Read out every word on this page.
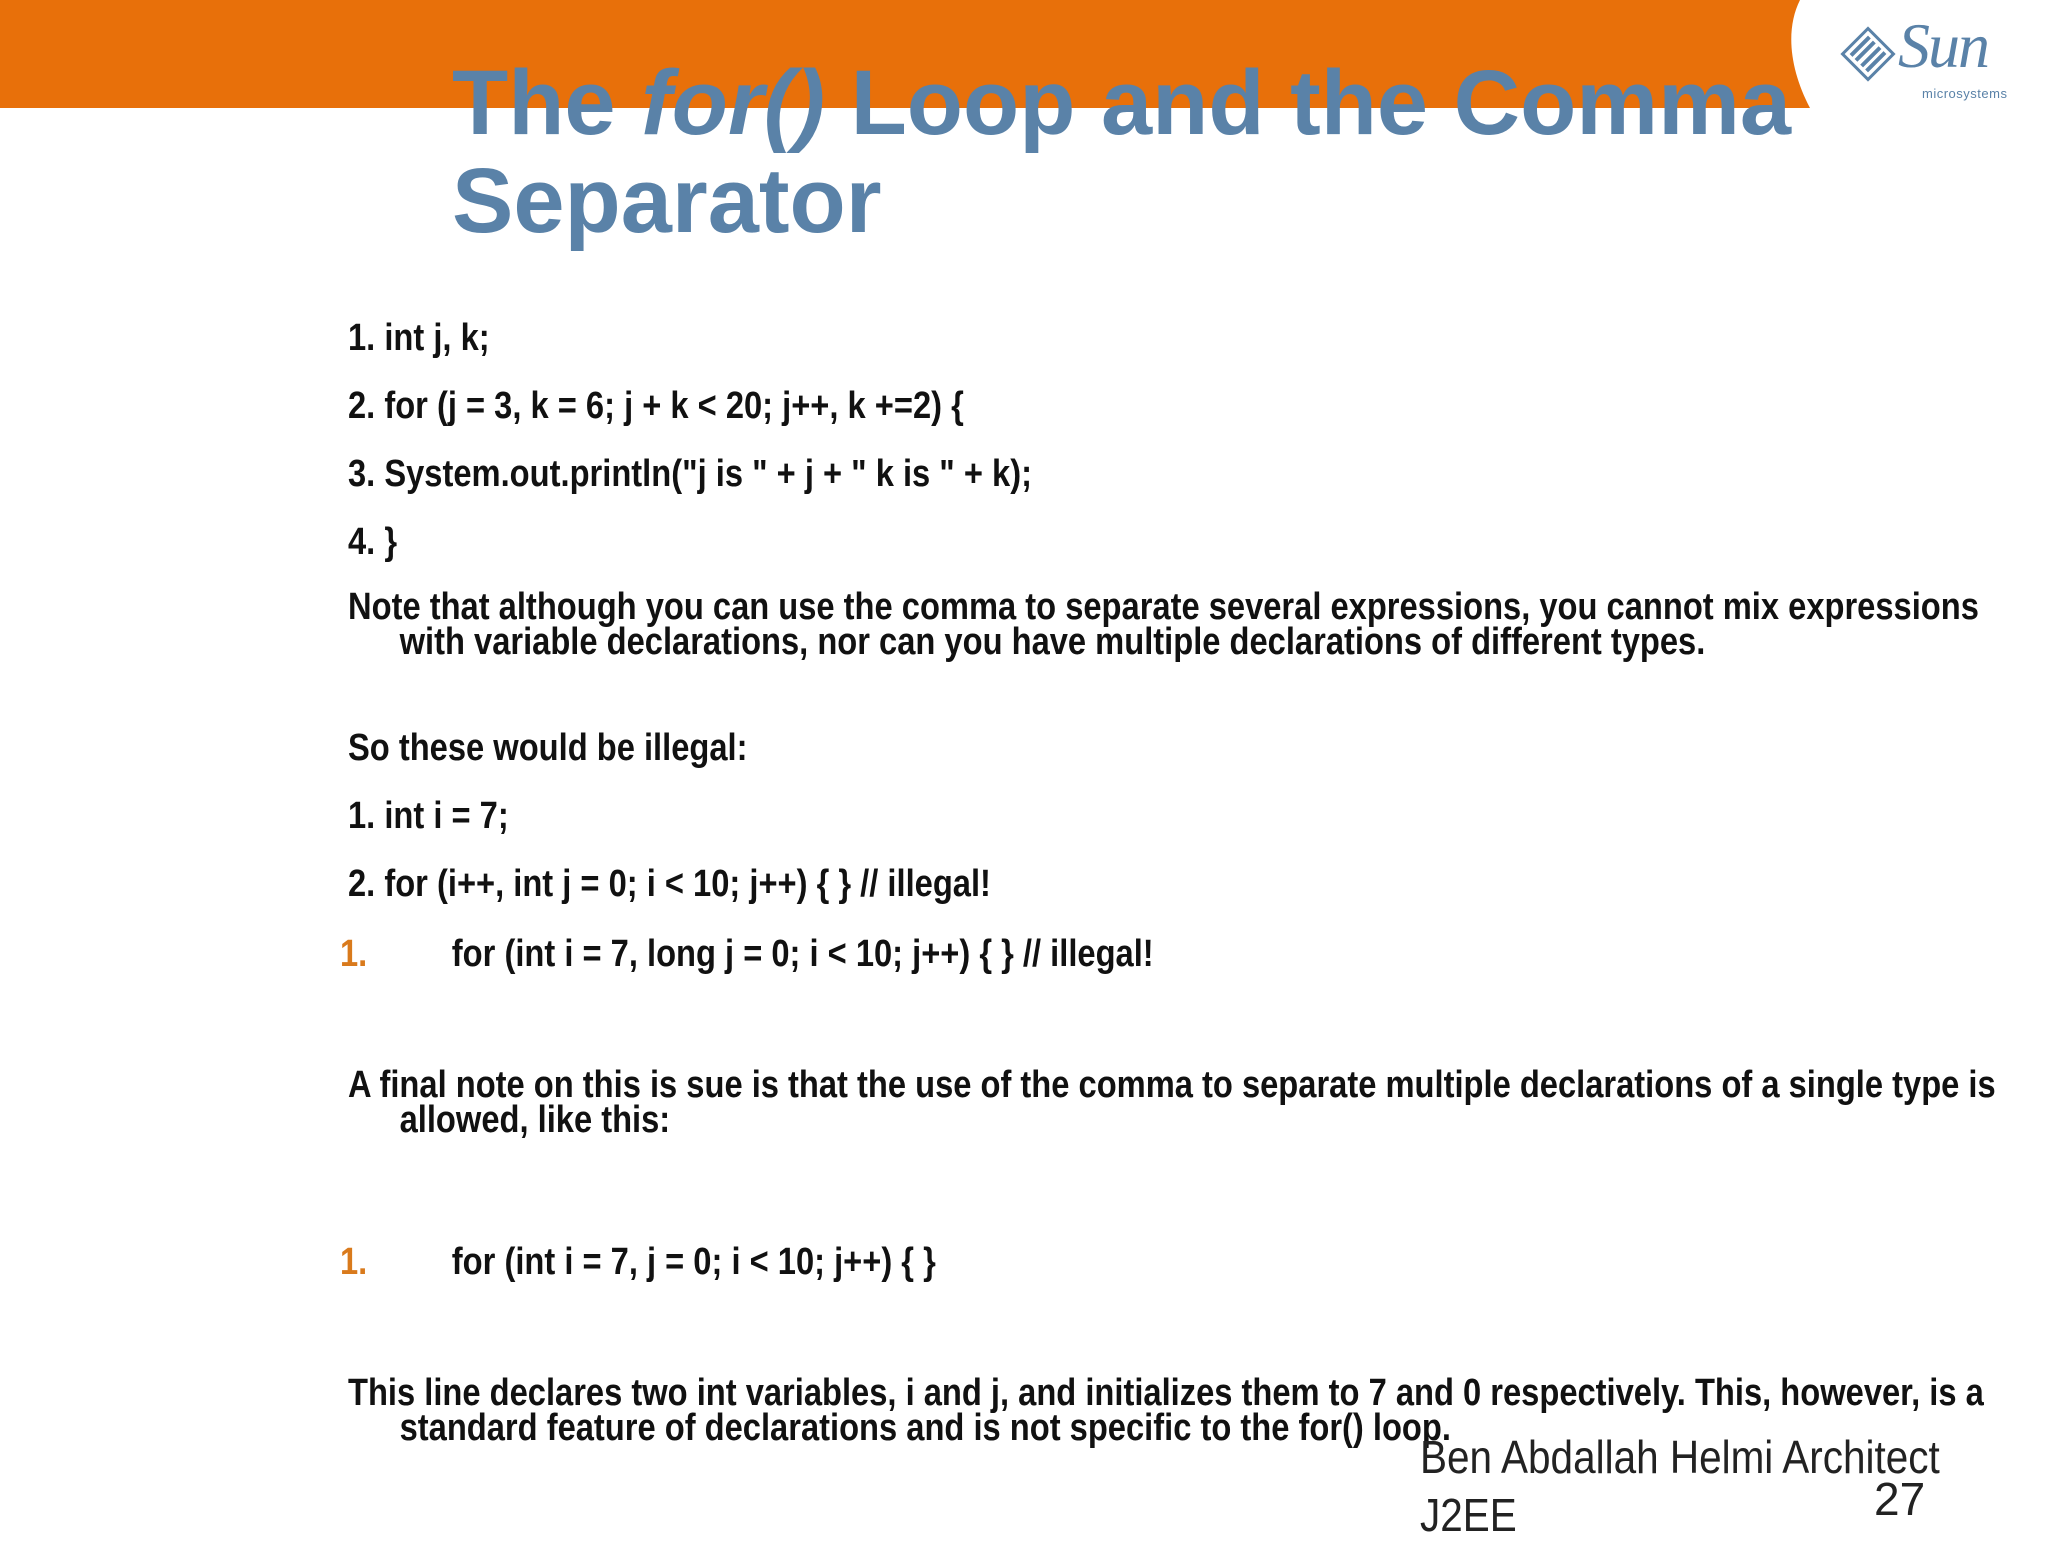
Sun
microsystems
The for() Loop and the Comma Separator

1. int j, k;

2. for (j = 3, k = 6; j + k < 20; j++, k +=2) {

3. System.out.println("j is " + j + " k is " + k);

4. }

Note that although you can use the comma to separate several expressions, you cannot mix expressions with variable declarations, nor can you have multiple declarations of different types.

So these would be illegal:

1. int i = 7;

2. for (i++, int j = 0; i < 10; j++) { } // illegal!

1. for (int i = 7, long j = 0; i < 10; j++) { } // illegal!

A final note on this is sue is that the use of the comma to separate multiple declarations of a single type is allowed, like this:

1. for (int i = 7, j = 0; i < 10; j++) { }

This line declares two int variables, i and j, and initializes them to 7 and 0 respectively. This, however, is a standard feature of declarations and is not specific to the for() loop.

Ben Abdallah Helmi Architect
27
J2EE
